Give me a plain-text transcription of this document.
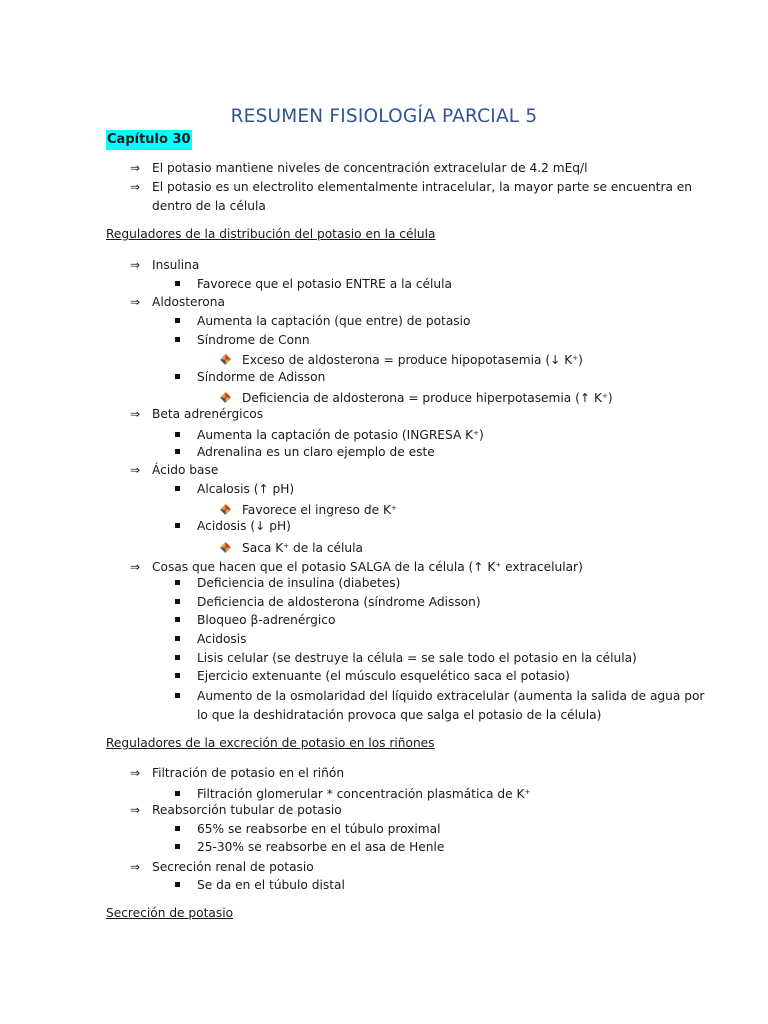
RESUMEN FISIOLOGÍA PARCIAL 5
Capítulo 30
⇒ El potasio mantiene niveles de concentración extracelular de 4.2 mEq/l
⇒ El potasio es un electrolito elementalmente intracelular, la mayor parte se encuentra en
dentro de la célula
Reguladores de la distribución del potasio en la célula
⇒ Insulina
Favorece que el potasio ENTRE a la célula
⇒ Aldosterona
Aumenta la captación (que entre) de potasio
Síndrome de Conn
Exceso de aldosterona = produce hipopotasemia (↓ K+)
Síndorme de Adisson
Deficiencia de aldosterona = produce hiperpotasemia (↑ K+)
⇒ Beta adrenérgicos
Aumenta la captación de potasio (INGRESA K+)
Adrenalina es un claro ejemplo de este
⇒ Ácido base
Alcalosis (↑ pH)
Favorece el ingreso de K+
Acidosis (↓ pH)
Saca K+ de la célula
⇒ Cosas que hacen que el potasio SALGA de la célula (↑ K+ extracelular)
Deficiencia de insulina (diabetes)
Deficiencia de aldosterona (síndrome Adisson)
Bloqueo β-adrenérgico
Acidosis
Lisis celular (se destruye la célula = se sale todo el potasio en la célula)
Ejercicio extenuante (el músculo esquelético saca el potasio)
Aumento de la osmolaridad del líquido extracelular (aumenta la salida de agua por
lo que la deshidratación provoca que salga el potasio de la célula)
Reguladores de la excreción de potasio en los riñones
⇒ Filtración de potasio en el riñón
Filtración glomerular * concentración plasmática de K+
⇒ Reabsorción tubular de potasio
65% se reabsorbe en el túbulo proximal
25-30% se reabsorbe en el asa de Henle
⇒ Secreción renal de potasio
Se da en el túbulo distal
Secreción de potasio
